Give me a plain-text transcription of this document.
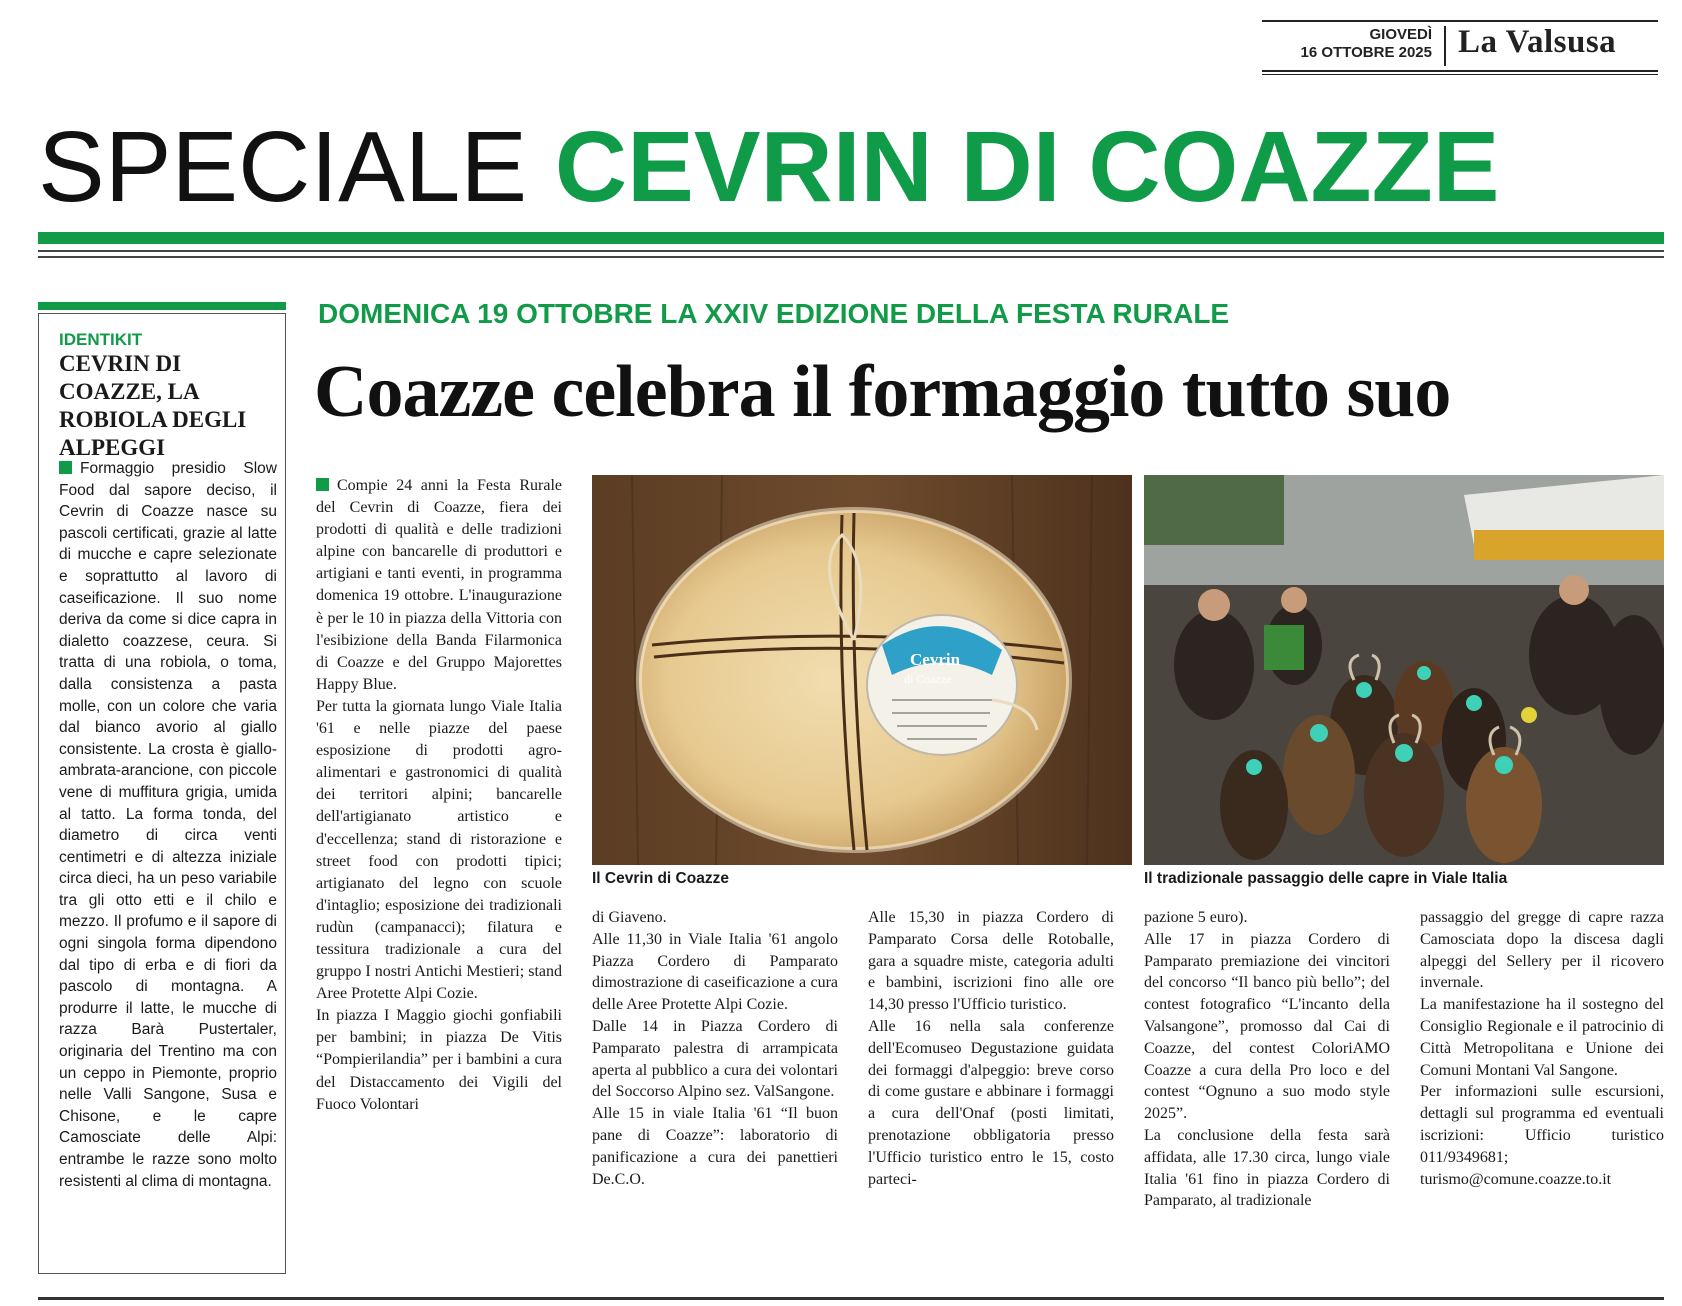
GIOVEDÌ
16 OTTOBRE 2025 La Valsusa
SPECIALE CEVRIN DI COAZZE
IDENTIKIT
CEVRIN DI COAZZE, LA ROBIOLA DEGLI ALPEGGI
Formaggio presidio Slow Food dal sapore deciso, il Cevrin di Coazze nasce su pascoli certificati, grazie al latte di mucche e capre selezionate e soprattutto al lavoro di caseificazione. Il suo nome deriva da come si dice capra in dialetto coazzese, ceura. Si tratta di una robiola, o toma, dalla consistenza a pasta molle, con un colore che varia dal bianco avorio al giallo consistente. La crosta è giallo-ambrata-arancione, con piccole vene di muffitura grigia, umida al tatto. La forma tonda, del diametro di circa venti centimetri e di altezza iniziale circa dieci, ha un peso variabile tra gli otto etti e il chilo e mezzo. Il profumo e il sapore di ogni singola forma dipendono dal tipo di erba e di fiori da pascolo di montagna. A produrre il latte, le mucche di razza Barà Pustertaler, originaria del Trentino ma con un ceppo in Piemonte, proprio nelle Valli Sangone, Susa e Chisone, e le capre Camosciate delle Alpi: entrambe le razze sono molto resistenti al clima di montagna.
DOMENICA 19 OTTOBRE LA XXIV EDIZIONE DELLA FESTA RURALE
Coazze celebra il formaggio tutto suo

Compie 24 anni la Festa Rurale del Cevrin di Coazze, fiera dei prodotti di qualità e delle tradizioni alpine con bancarelle di produttori e artigiani e tanti eventi, in programma domenica 19 ottobre. L'inaugurazione è per le 10 in piazza della Vittoria con l'esibizione della Banda Filarmonica di Coazze e del Gruppo Majorettes Happy Blue.

Per tutta la giornata lungo Viale Italia '61 e nelle piazze del paese esposizione di prodotti agro-alimentari e gastronomici di qualità dei territori alpini; bancarelle dell'artigianato artistico e d'eccellenza; stand di ristorazione e street food con prodotti tipici; artigianato del legno con scuole d'intaglio; esposizione dei tradizionali rudùn (campanacci); filatura e tessitura tradizionale a cura del gruppo I nostri Antichi Mestieri; stand Aree Protette Alpi Cozie.

In piazza I Maggio giochi gonfiabili per bambini; in piazza De Vitis “Pompierilandia” per i bambini a cura del Distaccamento dei Vigili del Fuoco Volontari

Cevrin
di Coazze
Il Cevrin di Coazze	Il tradizionale passaggio delle capre in Viale Italia

di Giaveno.

Alle 11,30 in Viale Italia '61 angolo Piazza Cordero di Pamparato dimostrazione di caseificazione a cura delle Aree Protette Alpi Cozie.

Dalle 14 in Piazza Cordero di Pamparato palestra di arrampicata aperta al pubblico a cura dei volontari del Soccorso Alpino sez. ValSangone.

Alle 15 in viale Italia '61 “Il buon pane di Coazze”: laboratorio di panificazione a cura dei panettieri De.C.O.

Alle 15,30 in piazza Cordero di Pamparato Corsa delle Rotoballe, gara a squadre miste, categoria adulti e bambini, iscrizioni fino alle ore 14,30 presso l'Ufficio turistico.

Alle 16 nella sala conferenze dell'Ecomuseo Degustazione guidata dei formaggi d'alpeggio: breve corso di come gustare e abbinare i formaggi a cura dell'Onaf (posti limitati, prenotazione obbligatoria presso l'Ufficio turistico entro le 15, costo parteci-

pazione 5 euro).

Alle 17 in piazza Cordero di Pamparato premiazione dei vincitori del concorso “Il banco più bello”; del contest fotografico “L'incanto della Valsangone”, promosso dal Cai di Coazze, del contest ColoriAMO Coazze a cura della Pro loco e del contest “Ognuno a suo modo style 2025”.

La conclusione della festa sarà affidata, alle 17.30 circa, lungo viale Italia '61 fino in piazza Cordero di Pamparato, al tradizionale

passaggio del gregge di capre razza Camosciata dopo la discesa dagli alpeggi del Sellery per il ricovero invernale.

La manifestazione ha il sostegno del Consiglio Regionale e il patrocinio di Città Metropolitana e Unione dei Comuni Montani Val Sangone.

Per informazioni sulle escursioni, dettagli sul programma ed eventuali iscrizioni: Ufficio turistico 011/9349681; turismo@comune.coazze.to.it
